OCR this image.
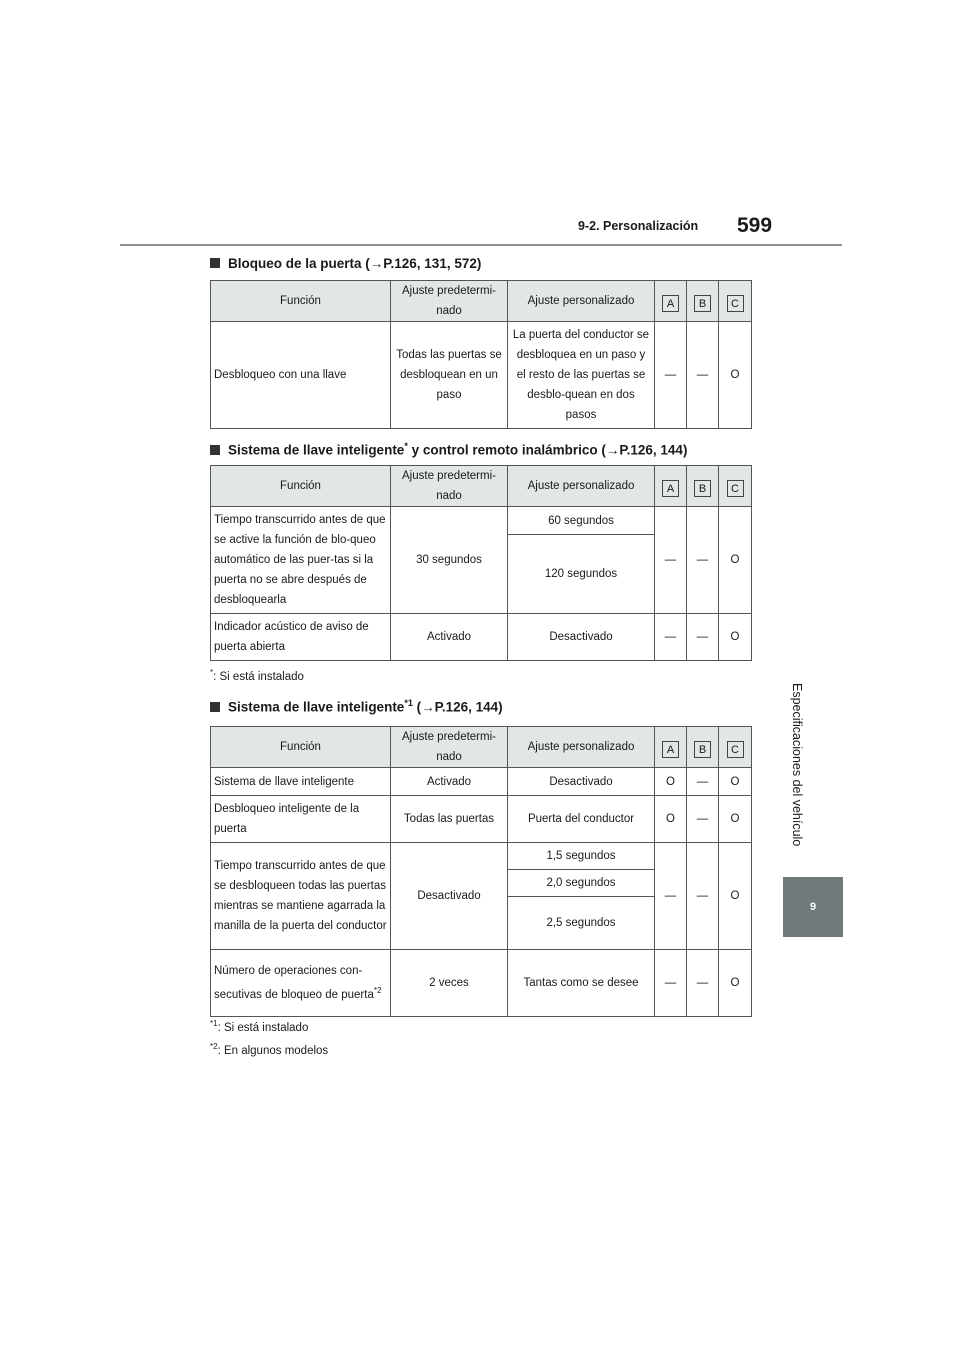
9-2. Personalización 599
Especificaciones del vehículo
9
Bloqueo de la puerta (→P.126, 131, 572)
Función	Ajuste predetermi-nado	Ajuste personalizado	A	B	C
Desbloqueo con una llave	Todas las puertas se desbloquean en un paso	La puerta del conductor se desbloquea en un paso y el resto de las puertas se desblo-quean en dos pasos	—	—	O
Sistema de llave inteligente* y control remoto inalámbrico (→P.126, 144)
Función	Ajuste predetermi-nado	Ajuste personalizado	A	B	C
Tiempo transcurrido antes de que se active la función de blo-queo automático de las puer-tas si la puerta no se abre después de desbloquearla	30 segundos	60 segundos	—	—	O
		120 segundos			
Indicador acústico de aviso de puerta abierta	Activado	Desactivado	—	—	O
*: Si está instalado
Sistema de llave inteligente$^{*1}$ (→P.126, 144)
Función	Ajuste predetermi-nado	Ajuste personalizado	A	B	C
Sistema de llave inteligente	Activado	Desactivado	O	—	O
Desbloqueo inteligente de la puerta	Todas las puertas	Puerta del conductor	O	—	O
Tiempo transcurrido antes de que se desbloqueen todas las puertas mientras se mantiene agarrada la manilla de la puerta del conductor	Desactivado	1,5 segundos	—	—	O
		2,0 segundos			
		2,5 segundos			
Número de operaciones con-secutivas de bloqueo de puerta$^{*2}$	2 veces	Tantas como se desee	—	—	O
$^{*1}$: Si está instalado
$^{*2}$: En algunos modelos
